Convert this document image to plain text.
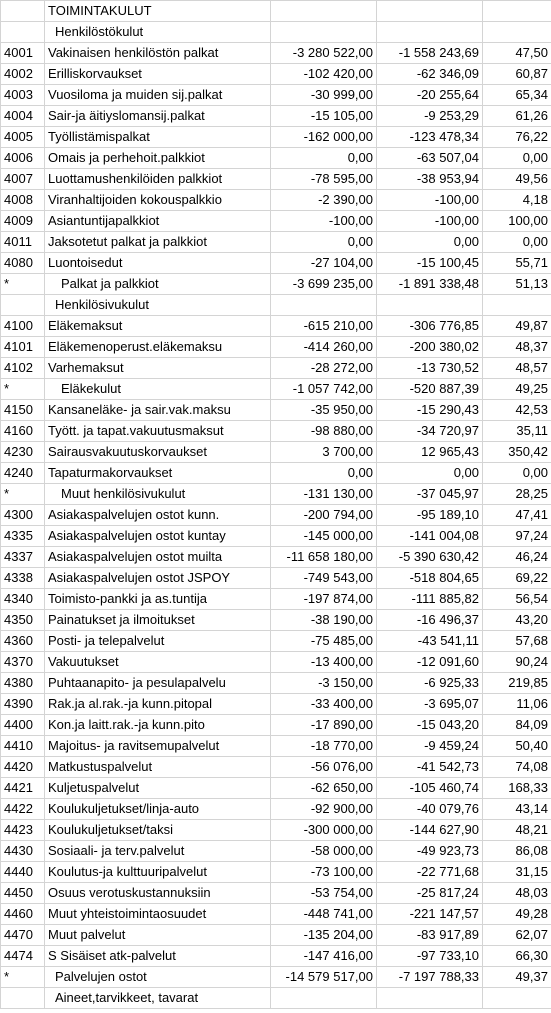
	TOIMINTAKULUT			
	Henkilöstökulut			
4001	Vakinaisen henkilöstön palkat	-3 280 522,00	-1 558 243,69	47,50
4002	Erilliskorvaukset	-102 420,00	-62 346,09	60,87
4003	Vuosiloma ja muiden sij.palkat	-30 999,00	-20 255,64	65,34
4004	Sair-ja äitiyslomansij.palkat	-15 105,00	-9 253,29	61,26
4005	Työllistämispalkat	-162 000,00	-123 478,34	76,22
4006	Omais ja perhehoit.palkkiot	0,00	-63 507,04	0,00
4007	Luottamushenkilöiden palkkiot	-78 595,00	-38 953,94	49,56
4008	Viranhaltijoiden kokouspalkkio	-2 390,00	-100,00	4,18
4009	Asiantuntijapalkkiot	-100,00	-100,00	100,00
4011	Jaksotetut palkat ja palkkiot	0,00	0,00	0,00
4080	Luontoisedut	-27 104,00	-15 100,45	55,71
*	Palkat ja palkkiot	-3 699 235,00	-1 891 338,48	51,13
	Henkilösivukulut			
4100	Eläkemaksut	-615 210,00	-306 776,85	49,87
4101	Eläkemenoperust.eläkemaksu	-414 260,00	-200 380,02	48,37
4102	Varhemaksut	-28 272,00	-13 730,52	48,57
*	Eläkekulut	-1 057 742,00	-520 887,39	49,25
4150	Kansaneläke- ja sair.vak.maksu	-35 950,00	-15 290,43	42,53
4160	Tyött. ja tapat.vakuutusmaksut	-98 880,00	-34 720,97	35,11
4230	Sairausvakuutuskorvaukset	3 700,00	12 965,43	350,42
4240	Tapaturmakorvaukset	0,00	0,00	0,00
*	Muut henkilösivukulut	-131 130,00	-37 045,97	28,25
4300	Asiakaspalvelujen ostot kunn.	-200 794,00	-95 189,10	47,41
4335	Asiakaspalvelujen ostot kuntay	-145 000,00	-141 004,08	97,24
4337	Asiakaspalvelujen ostot muilta	-11 658 180,00	-5 390 630,42	46,24
4338	Asiakaspalvelujen ostot JSPOY	-749 543,00	-518 804,65	69,22
4340	Toimisto-pankki ja as.tuntija	-197 874,00	-111 885,82	56,54
4350	Painatukset ja ilmoitukset	-38 190,00	-16 496,37	43,20
4360	Posti- ja telepalvelut	-75 485,00	-43 541,11	57,68
4370	Vakuutukset	-13 400,00	-12 091,60	90,24
4380	Puhtaanapito- ja pesulapalvelu	-3 150,00	-6 925,33	219,85
4390	Rak.ja al.rak.-ja kunn.pitopal	-33 400,00	-3 695,07	11,06
4400	Kon.ja laitt.rak.-ja kunn.pito	-17 890,00	-15 043,20	84,09
4410	Majoitus- ja ravitsemupalvelut	-18 770,00	-9 459,24	50,40
4420	Matkustuspalvelut	-56 076,00	-41 542,73	74,08
4421	Kuljetuspalvelut	-62 650,00	-105 460,74	168,33
4422	Koulukuljetukset/linja-auto	-92 900,00	-40 079,76	43,14
4423	Koulukuljetukset/taksi	-300 000,00	-144 627,90	48,21
4430	Sosiaali- ja terv.palvelut	-58 000,00	-49 923,73	86,08
4440	Koulutus-ja kulttuuripalvelut	-73 100,00	-22 771,68	31,15
4450	Osuus verotuskustannuksiin	-53 754,00	-25 817,24	48,03
4460	Muut yhteistoimintaosuudet	-448 741,00	-221 147,57	49,28
4470	Muut palvelut	-135 204,00	-83 917,89	62,07
4474	S Sisäiset atk-palvelut	-147 416,00	-97 733,10	66,30
*	Palvelujen ostot	-14 579 517,00	-7 197 788,33	49,37
	Aineet,tarvikkeet, tavarat			
